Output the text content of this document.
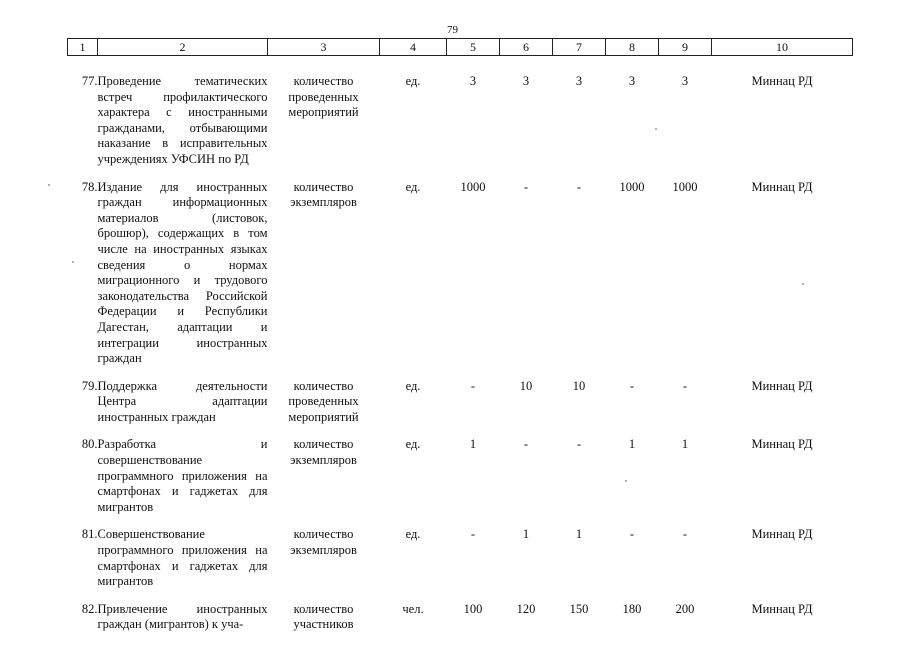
79
1	2	3	4	5	6	7	8	9	10

77.	Проведение тематических встреч профилактического характера с иностранными гражданами, отбывающими наказание в исправительных учреждениях УФСИН по РД	количество проведенных мероприятий	ед.	3	3	3	3	3	Миннац РД
78.	Издание для иностранных граждан информационных материалов (листовок, брошюр), содержащих в том числе на иностранных языках сведения о нормах миграционного и трудового законодательства Российской Федерации и Республики Дагестан, адаптации и интеграции иностранных граждан	количество экземпляров	ед.	1000	-	-	1000	1000	Миннац РД
79.	Поддержка деятельности Центра адаптации иностранных граждан	количество проведенных мероприятий	ед.	-	10	10	-	-	Миннац РД
80.	Разработка и совершенствование программного приложения на смартфонах и гаджетах для мигрантов	количество экземпляров	ед.	1	-	-	1	1	Миннац РД
81.	Совершенствование программного приложения на смартфонах и гаджетах для мигрантов	количество экземпляров	ед.	-	1	1	-	-	Миннац РД
82.	Привлечение иностранных граждан (мигрантов) к уча-	количество участников	чел.	100	120	150	180	200	Миннац РД
